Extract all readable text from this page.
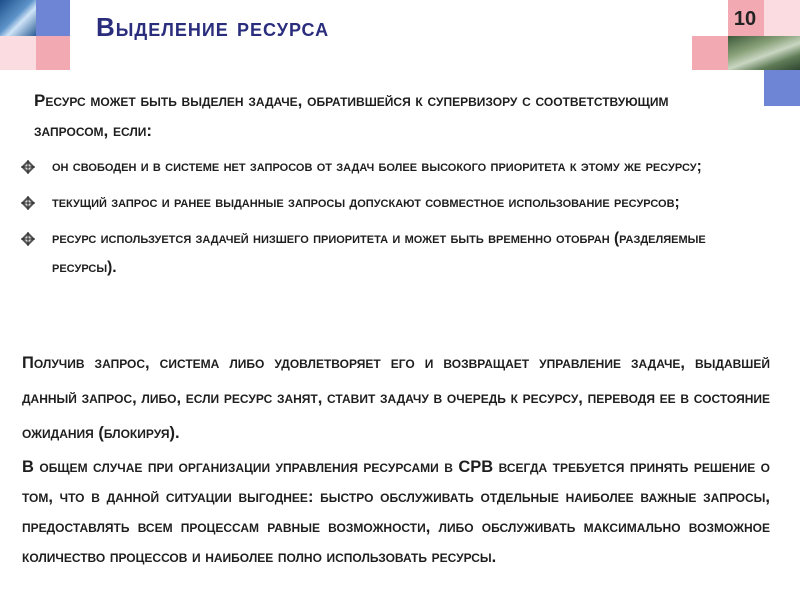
10
Выделение ресурса
Ресурс может быть выделен задаче, обратившейся к супервизору с соответствующим запросом, если:
он свободен и в системе нет запросов от задач более высокого приоритета к этому же ресурсу;
текущий запрос и ранее выданные запросы допускают совместное использование ресурсов;
ресурс используется задачей низшего приоритета и может быть временно отобран (разделяемые ресурсы).

Получив запрос, система либо удовлетворяет его и возвращает управление задаче, выдавшей данный запрос, либо, если ресурс занят, ставит задачу в очередь к ресурсу, переводя ее в состояние ожидания (блокируя).

В общем случае при организации управления ресурсами в СРВ всегда требуется принять решение о том, что в данной ситуации выгоднее: быстро обслуживать отдельные наиболее важные запросы, предоставлять всем процессам равные возможности, либо обслуживать максимально возможное количество процессов и наиболее полно использовать ресурсы.
